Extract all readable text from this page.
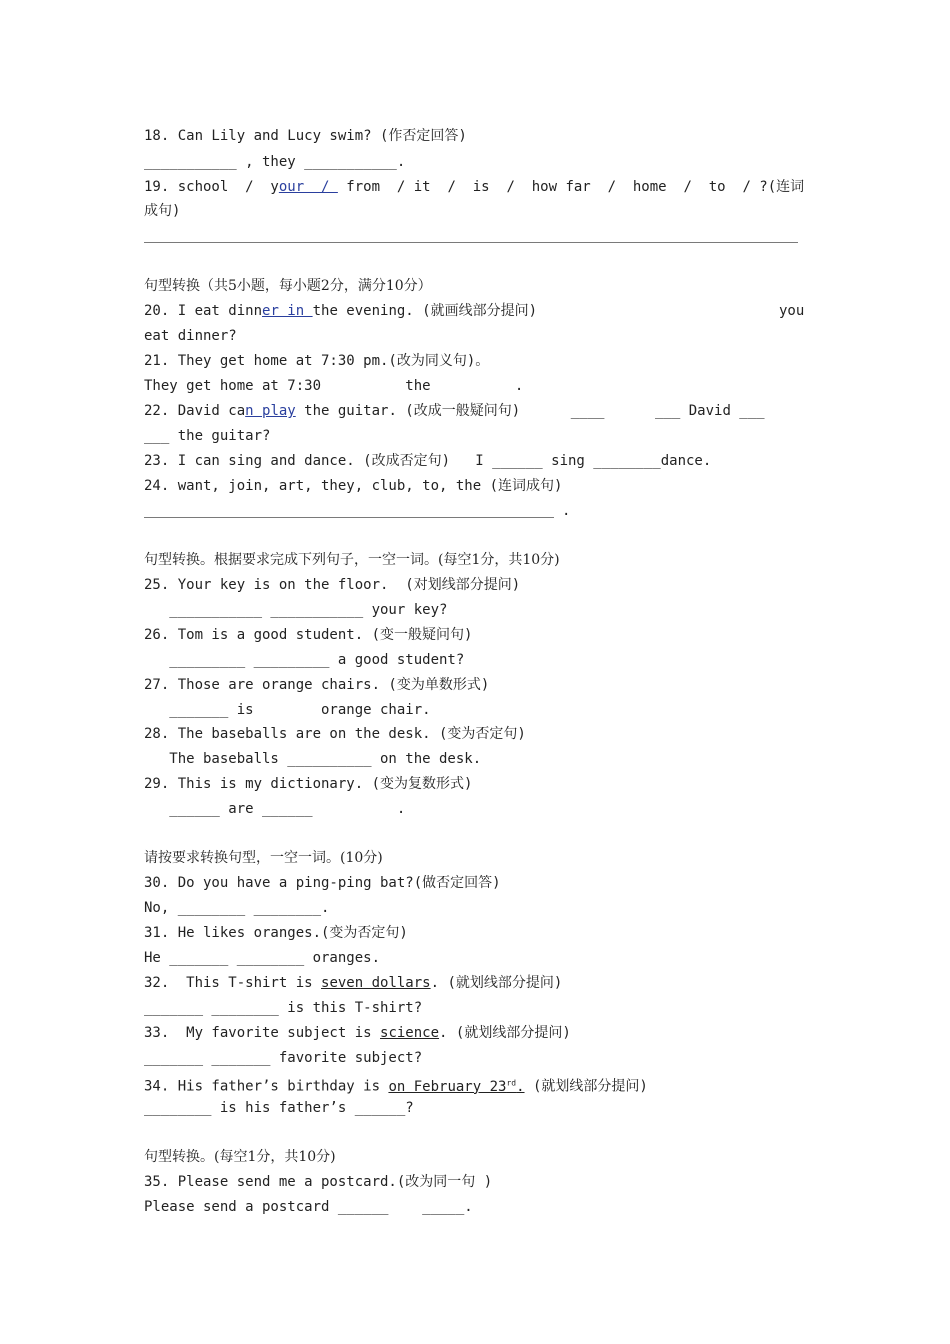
18. Can Lily and Lucy swim? (作否定回答)
___________ , they ___________.
19. school  /  your  /  from  / it  /  is  /  how far  /  home  /  to  / ?(连词
成句)
句型转换（共5小题，每小题2分，满分10分）
20. I eat dinner in the evening. (就画线部分提问)	you
eat dinner?
21. They get home at 7:30 pm.(改为同义句)。
They get home at 7:30          the          .
22. David can play the guitar. (改成一般疑问句)      ____      ___ David ___
___ the guitar?
23. I can sing and dance. (改成否定句)   I ______ sing ________dance.
24. want, join, art, they, club, to, the (连词成句)
.
句型转换。根据要求完成下列句子，一空一词。(每空1分，共10分)
25. Your key is on the floor.  (对划线部分提问)
___________ ___________ your key?
26. Tom is a good student. (变一般疑问句)
_________ _________ a good student?
27. Those are orange chairs. (变为单数形式)
_______ is        orange chair.
28. The baseballs are on the desk. (变为否定句)
The baseballs __________ on the desk.
29. This is my dictionary. (变为复数形式)
______ are ______          .
请按要求转换句型，一空一词。(10分)
30. Do you have a ping-ping bat?(做否定回答)
No, ________ ________.
31. He likes oranges.(变为否定句)
He _______ ________ oranges.
32.  This T-shirt is seven dollars. (就划线部分提问)
_______ ________ is this T-shirt?
33.  My favorite subject is science. (就划线部分提问)
_______ _______ favorite subject?
34. His father’s birthday is on February 23rd. (就划线部分提问)
________ is his father’s ______?
句型转换。(每空1分，共10分)
35. Please send me a postcard.(改为同一句 )
Please send a postcard ______    _____.
